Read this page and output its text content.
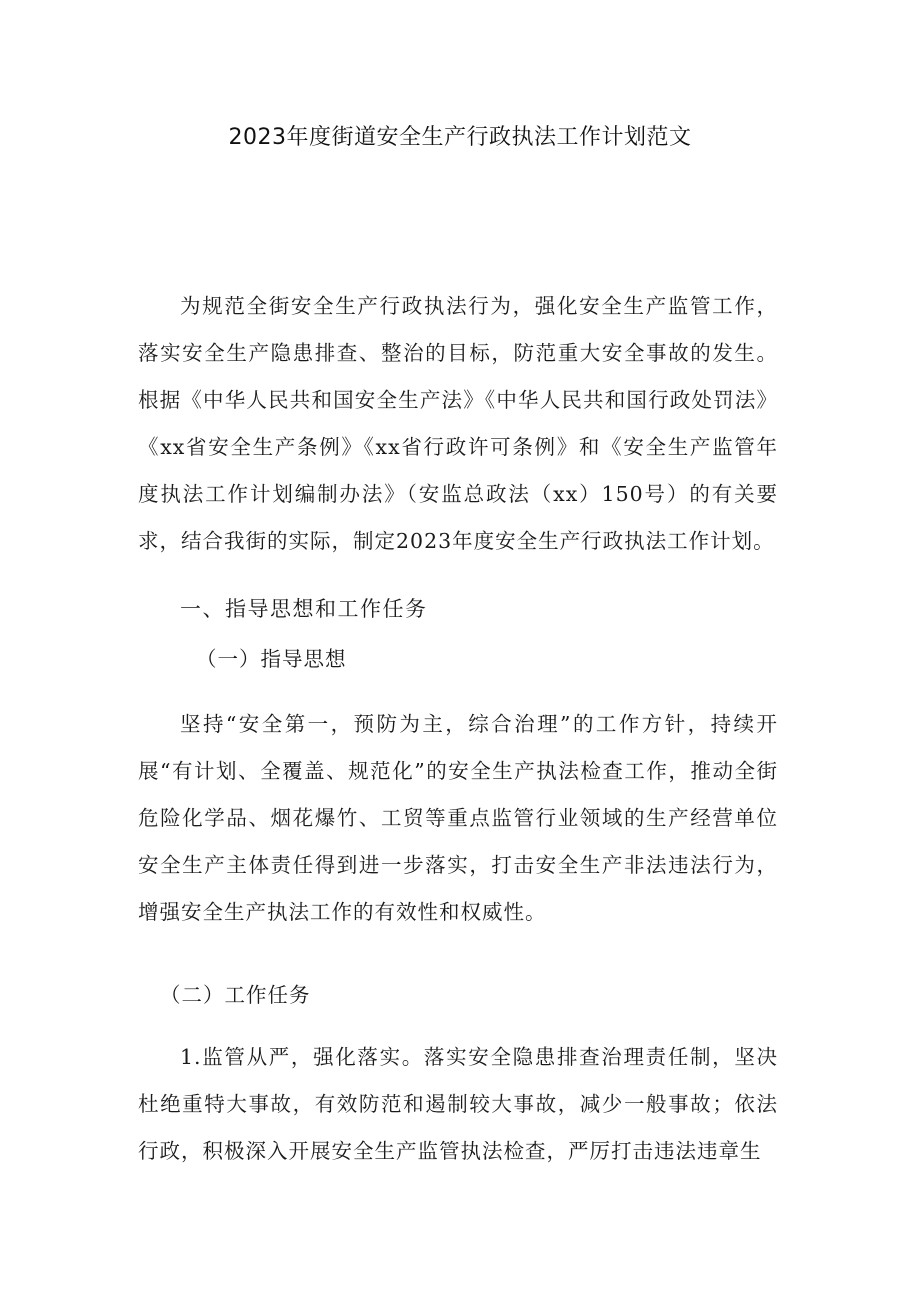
2023年度街道安全生产行政执法工作计划范文

为规范全街安全生产行政执法行为，强化安全生产监管工作，落实安全生产隐患排查、整治的目标，防范重大安全事故的发生。根据《中华人民共和国安全生产法》《中华人民共和国行政处罚法》《xx省安全生产条例》《xx省行政许可条例》和《安全生产监管年度执法工作计划编制办法》（安监总政法（xx）150号）的有关要求，结合我街的实际，制定2023年度安全生产行政执法工作计划。

一、指导思想和工作任务

（一）指导思想

坚持“安全第一，预防为主，综合治理”的工作方针，持续开展“有计划、全覆盖、规范化”的安全生产执法检查工作，推动全街危险化学品、烟花爆竹、工贸等重点监管行业领域的生产经营单位安全生产主体责任得到进一步落实，打击安全生产非法违法行为，增强安全生产执法工作的有效性和权威性。

（二）工作任务

1.监管从严，强化落实。落实安全隐患排查治理责任制，坚决杜绝重特大事故，有效防范和遏制较大事故，减少一般事故；依法行政，积极深入开展安全生产监管执法检查，严厉打击违法违章生
